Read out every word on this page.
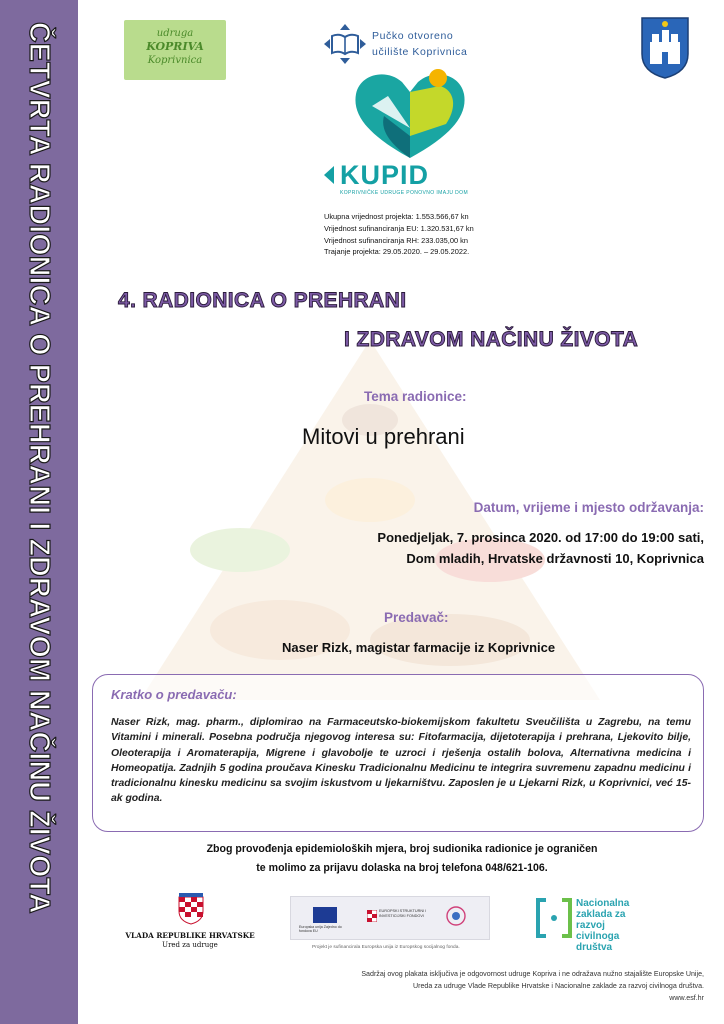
ČETVRTA RADIONICA O PREHRANI I ZDRAVOM NAČINU ŽIVOTA	udruga
KOPRIVA
Koprivnica
Pučko otvoreno
učilište Koprivnica
KUPID
KOPRIVNIČKE UDRUGE PONOVNO IMAJU DOM
Ukupna vrijednost projekta: 1.553.566,67 kn
Vrijednost sufinanciranja EU: 1.320.531,67 kn
Vrijednost sufinanciranja RH: 233.035,00 kn
Trajanje projekta: 29.05.2020. – 29.05.2022.
4. RADIONICA O PREHRANI
I ZDRAVOM NAČINU ŽIVOTA
Tema radionice:
Mitovi u prehrani
Datum, vrijeme i mjesto održavanja:
Ponedjeljak, 7. prosinca 2020. od 17:00 do 19:00 sati,
Dom mladih, Hrvatske državnosti 10, Koprivnica
Predavač:
Naser Rizk, magistar farmacije iz Koprivnice
Kratko o predavaču:
Naser Rizk, mag. pharm., diplomirao na Farmaceutsko-biokemijskom fakultetu Sveučilišta u Zagrebu, na temu Vitamini i minerali. Posebna područja njegovog interesa su: Fitofarmacija, dijetoterapija i prehrana, Ljekovito bilje, Oleoterapija i Aromaterapija, Migrene i glavobolje te uzroci i rješenja ostalih bolova, Alternativna medicina i Homeopatija. Zadnjih 5 godina proučava Kinesku Tradicionalnu Medicinu te integrira suvremenu zapadnu medicinu i tradicionalnu kinesku medicinu sa svojim iskustvom u ljekarništvu. Zaposlen je u Ljekarni Rizk, u Koprivnici, već 15-ak godina.
Zbog provođenja epidemioloških mjera, broj sudionika radionice je ograničen
te molimo za prijavu dolaska na broj telefona 048/621-106.
VLADA REPUBLIKE HRVATSKE
Ured za udruge
Europska unija Zajedno do fondova EU
EUROPSKI STRUKTURNI I INVESTICIJSKI FONDOVI
Projekt je sufinancirala Europska unija iz Europskog socijalnog fonda.
Nacionalna
zaklada za
razvoj
civilnoga
društva
Sadržaj ovog plakata isključiva je odgovornost udruge Kopriva i ne odražava nužno stajalište Europske Unije,
Ureda za udruge Vlade Republike Hrvatske i Nacionalne zaklade za razvoj civilnoga društva.
www.esf.hr
